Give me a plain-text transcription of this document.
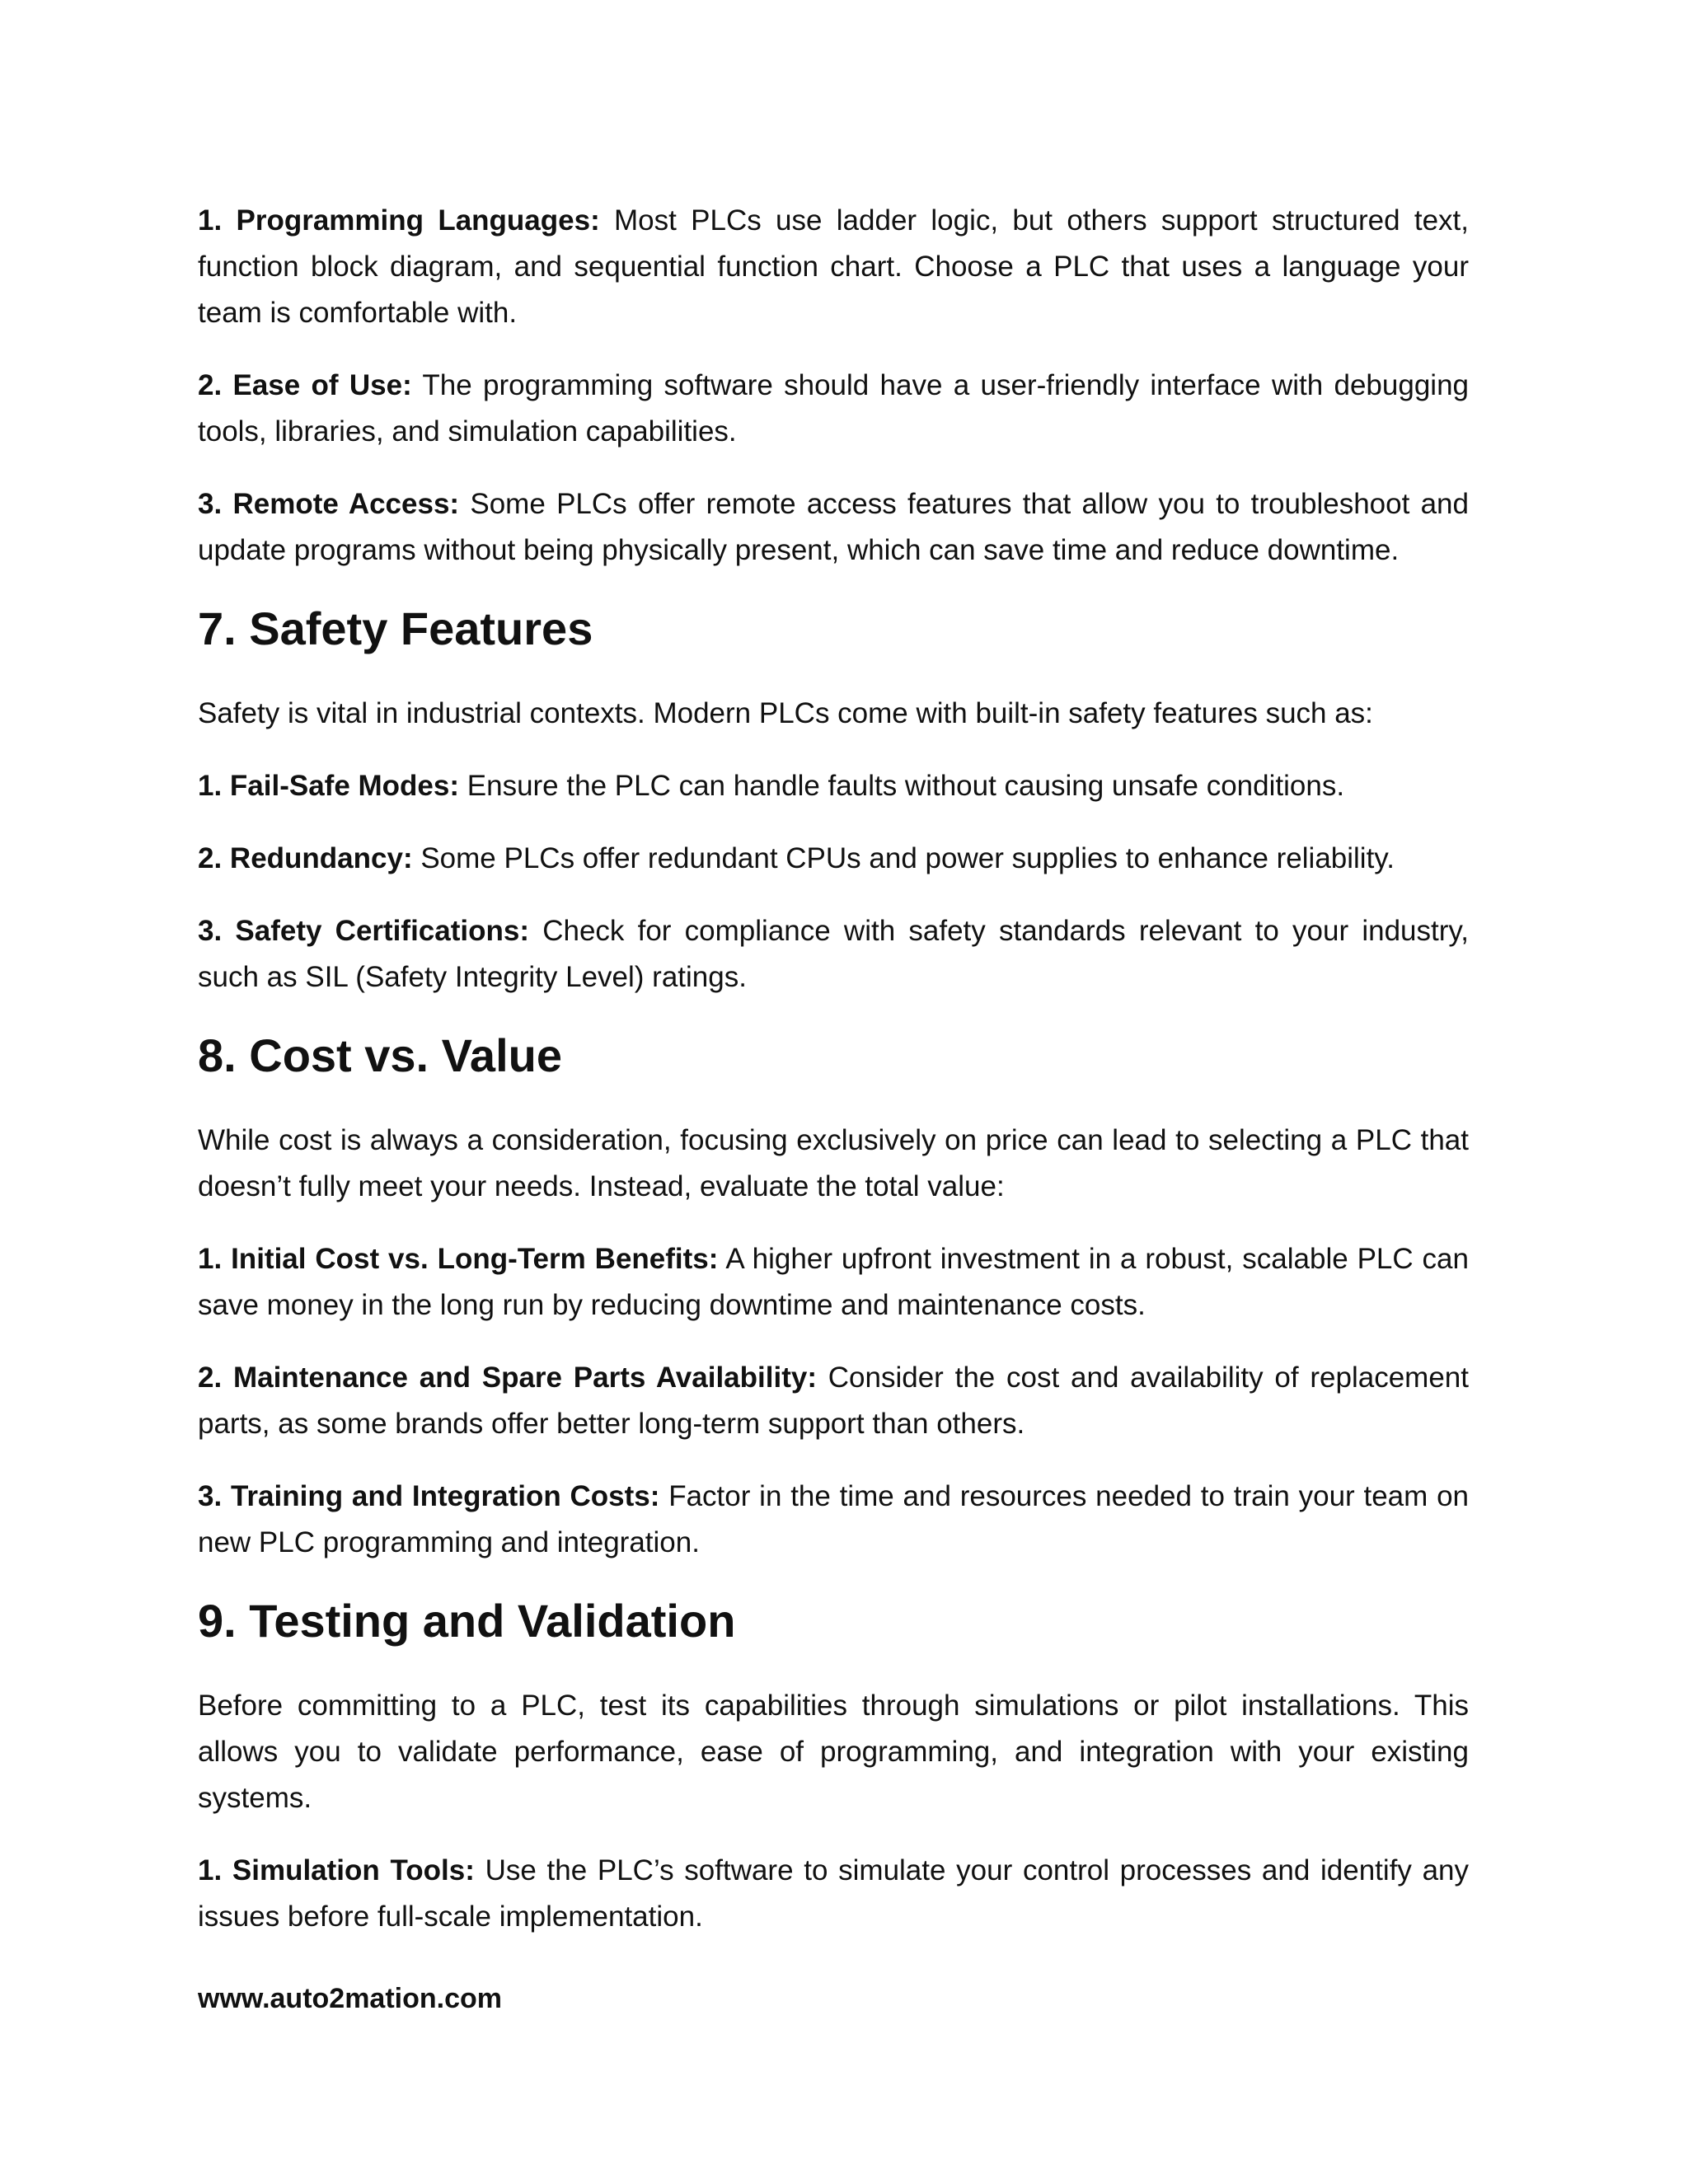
1. Programming Languages: Most PLCs use ladder logic, but others support structured text, function block diagram, and sequential function chart. Choose a PLC that uses a language your team is comfortable with.

2. Ease of Use: The programming software should have a user-friendly interface with debugging tools, libraries, and simulation capabilities.

3. Remote Access: Some PLCs offer remote access features that allow you to troubleshoot and update programs without being physically present, which can save time and reduce downtime.

7. Safety Features

Safety is vital in industrial contexts. Modern PLCs come with built-in safety features such as:

1. Fail-Safe Modes: Ensure the PLC can handle faults without causing unsafe conditions.

2. Redundancy: Some PLCs offer redundant CPUs and power supplies to enhance reliability.

3. Safety Certifications: Check for compliance with safety standards relevant to your industry, such as SIL (Safety Integrity Level) ratings.

8. Cost vs. Value

While cost is always a consideration, focusing exclusively on price can lead to selecting a PLC that doesn’t fully meet your needs. Instead, evaluate the total value:

1. Initial Cost vs. Long-Term Benefits: A higher upfront investment in a robust, scalable PLC can save money in the long run by reducing downtime and maintenance costs.

2. Maintenance and Spare Parts Availability: Consider the cost and availability of replacement parts, as some brands offer better long-term support than others.

3. Training and Integration Costs: Factor in the time and resources needed to train your team on new PLC programming and integration.

9. Testing and Validation

Before committing to a PLC, test its capabilities through simulations or pilot installations. This allows you to validate performance, ease of programming, and integration with your existing systems.

1. Simulation Tools: Use the PLC’s software to simulate your control processes and identify any issues before full-scale implementation.

www.auto2mation.com
